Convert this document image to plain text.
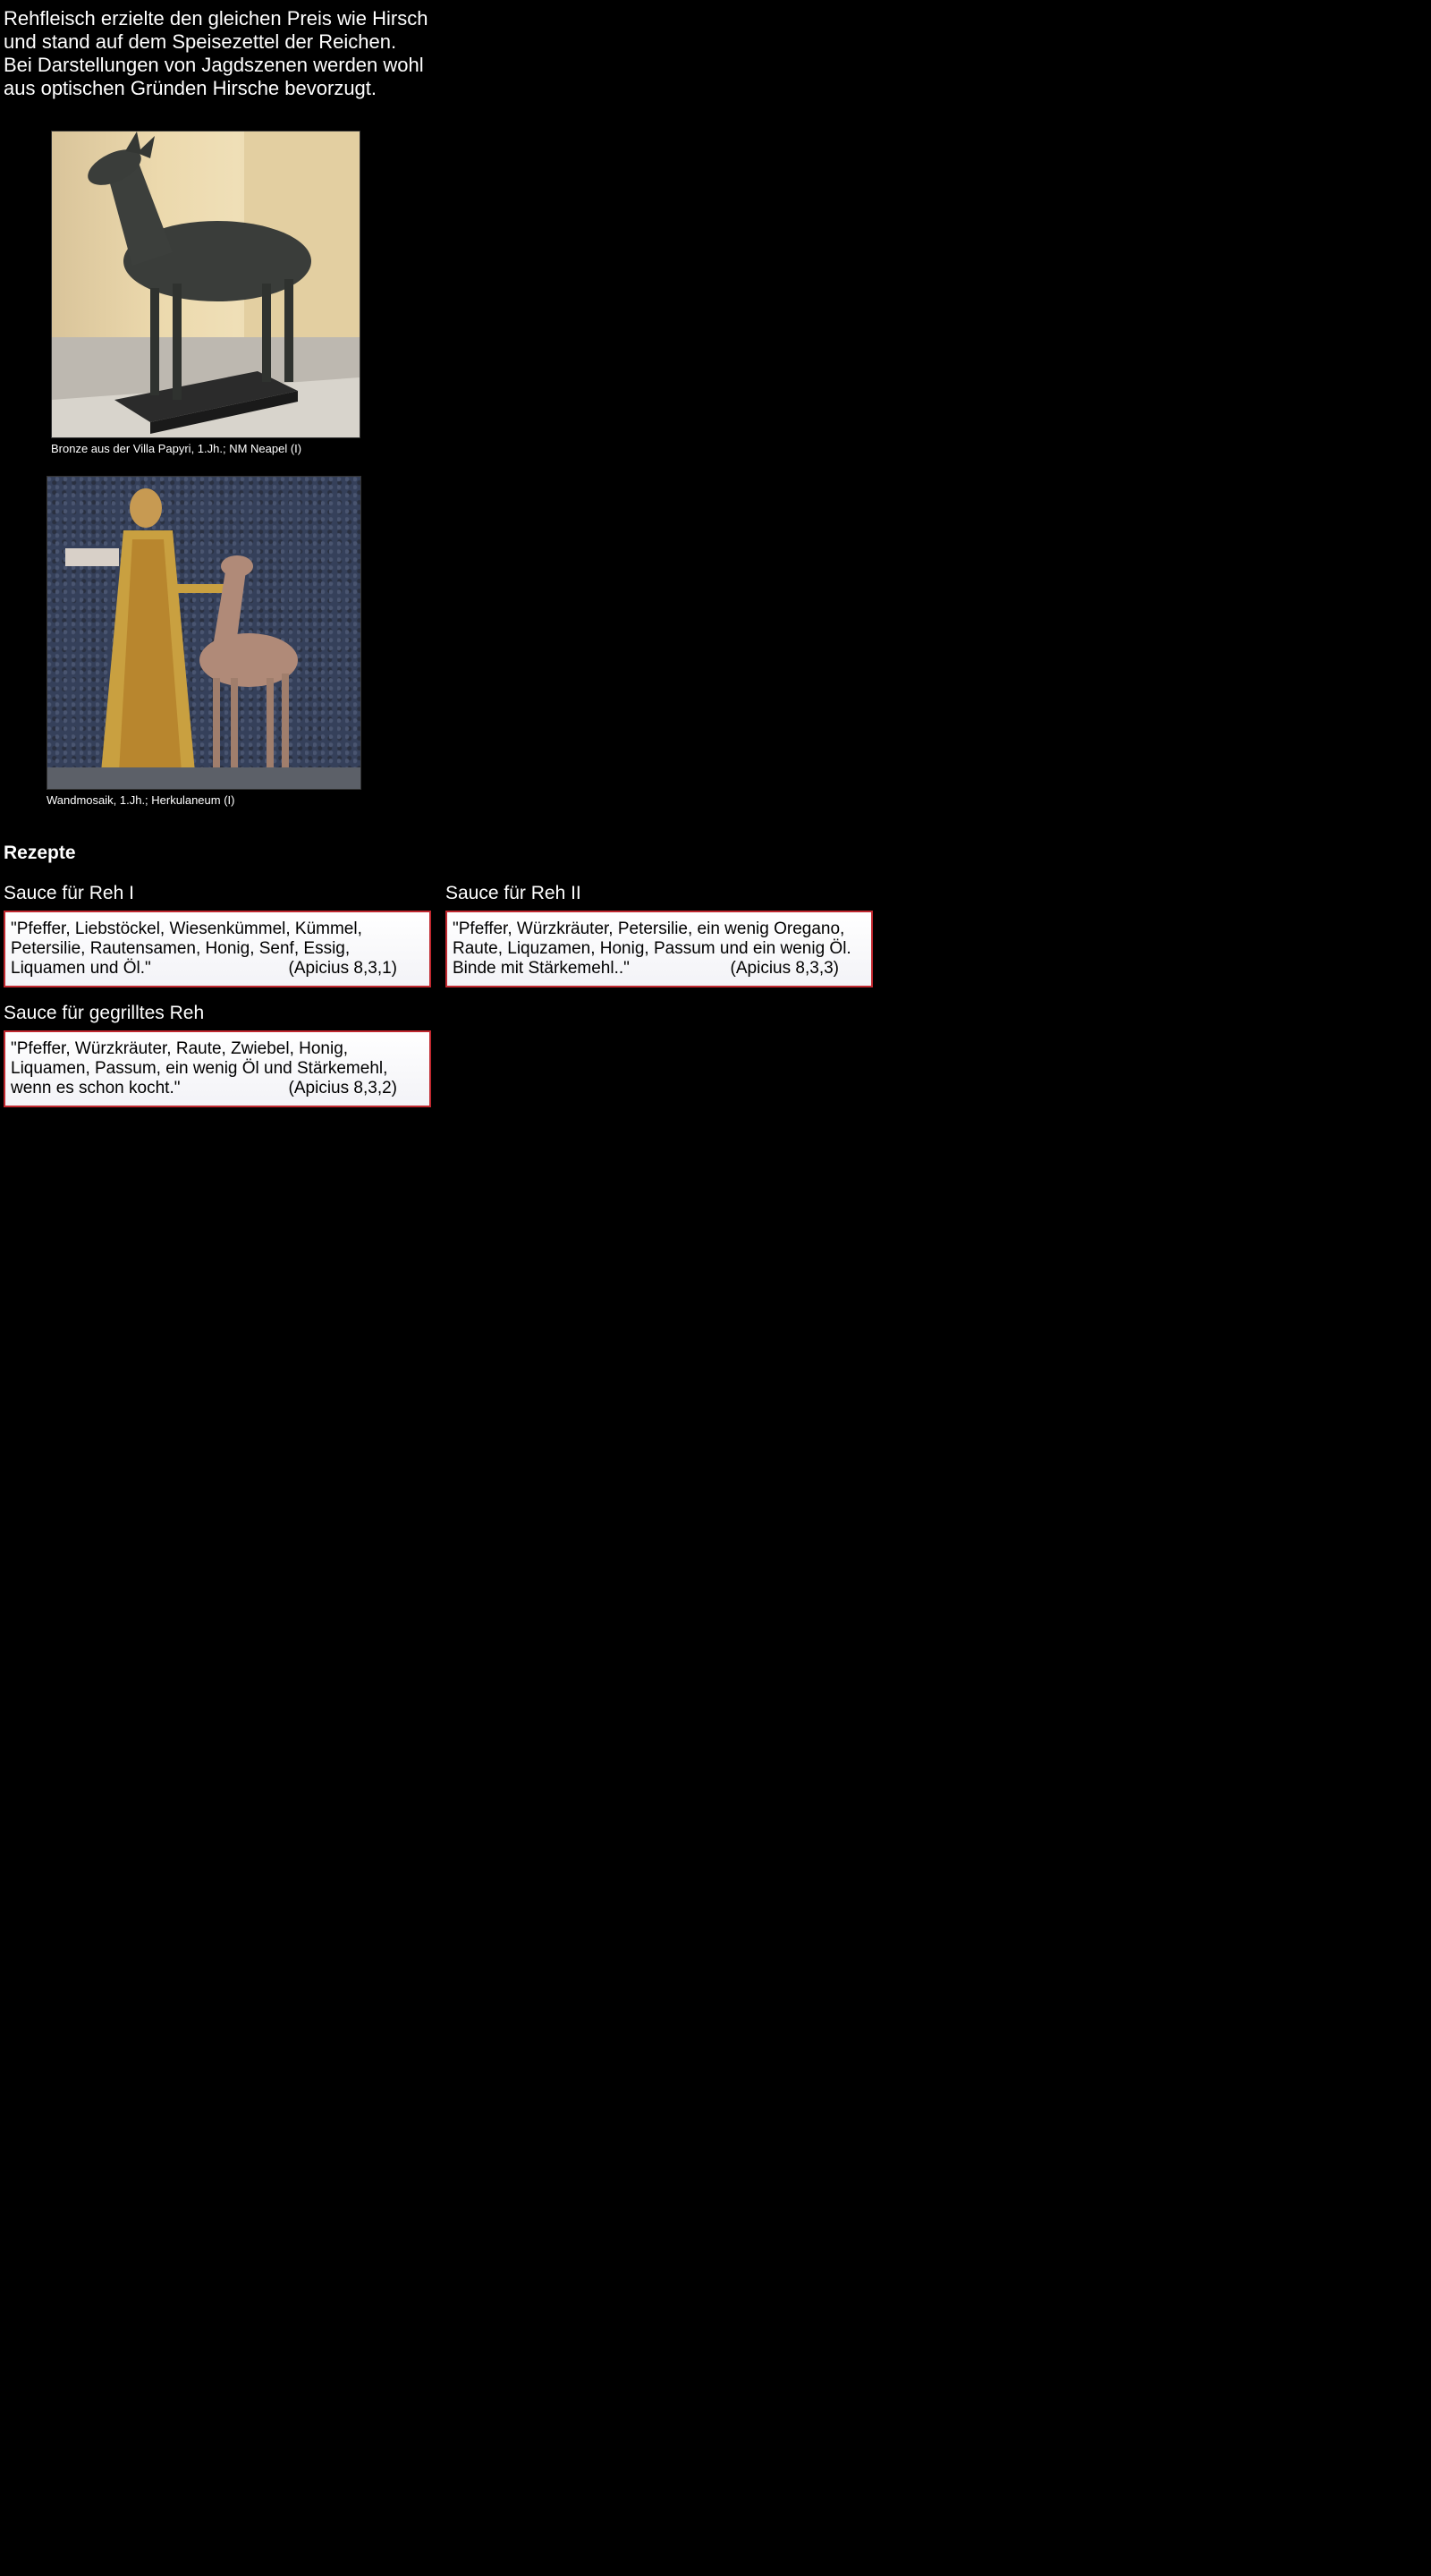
Rehfleisch erzielte den gleichen Preis wie Hirsch

und stand auf dem Speisezettel der Reichen.

Bei Darstellungen von Jagdszenen werden wohl

aus optischen Gründen Hirsche bevorzugt.

Bronze aus der Villa Papyri, 1.Jh.; NM Neapel (I)
Wandmosaik, 1.Jh.; Herkulaneum (I)
Rezepte
Sauce für Reh I
"Pfeffer, Liebstöckel, Wiesenkümmel, Kümmel, Petersilie, Rautensamen, Honig, Senf, Essig, Liquamen und Öl."	(Apicius 8,3,1)
Sauce für Reh II
"Pfeffer, Würzkräuter, Petersilie, ein wenig Oregano, Raute, Liquzamen, Honig, Passum und ein wenig Öl. Binde mit Stärkemehl.."	(Apicius 8,3,3)
Sauce für gegrilltes Reh
"Pfeffer, Würzkräuter, Raute, Zwiebel, Honig, Liquamen, Passum, ein wenig Öl und Stärkemehl, wenn es schon kocht."	(Apicius 8,3,2)
